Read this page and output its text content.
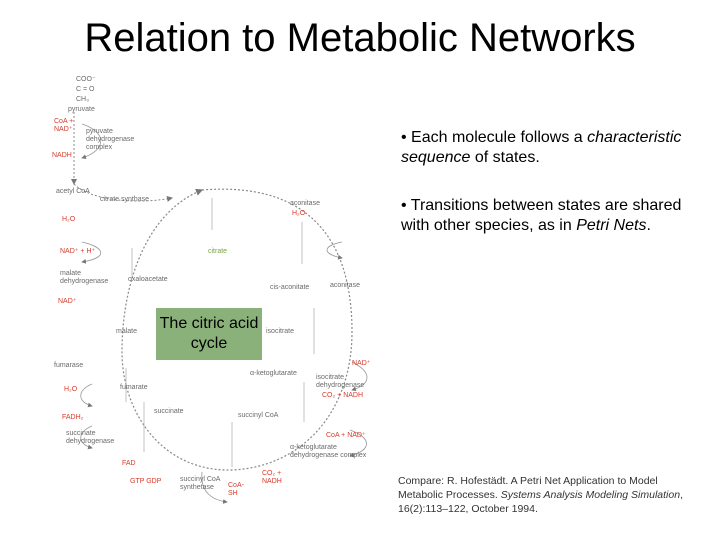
Relation to Metabolic Networks
COO⁻
C = O
CH₃
pyruvate
CoA + NAD⁺	pyruvate dehydrogenase complex
NADH
acetyl CoA
citrate synthase
H₂O
aconitase
citrate
oxaloacetate
NAD⁺ + H⁺
malate dehydrogenase
NAD⁺
malate
fumarase
H₂O	fumarate
FADH₂
succinate dehydrogenase
FAD
succinate
GTP GDP	succinyl CoA synthetase	CoA-SH
H₂O
cis-aconitate	aconitase
isocitrate
NAD⁺
isocitrate dehydrogenase
CO₂ + NADH
α-ketoglutarate
succinyl CoA
CoA + NAD⁺
α-ketoglutarate dehydrogenase complex
CO₂ + NADH
The citric acid cycle
• Each molecule follows a characteristic sequence of states.
• Transitions between states are shared with other species, as in Petri Nets.
Compare: R. Hofestädt. A Petri Net Application to Model Metabolic Processes. Systems Analysis Modeling Simulation, 16(2):113–122, October 1994.
